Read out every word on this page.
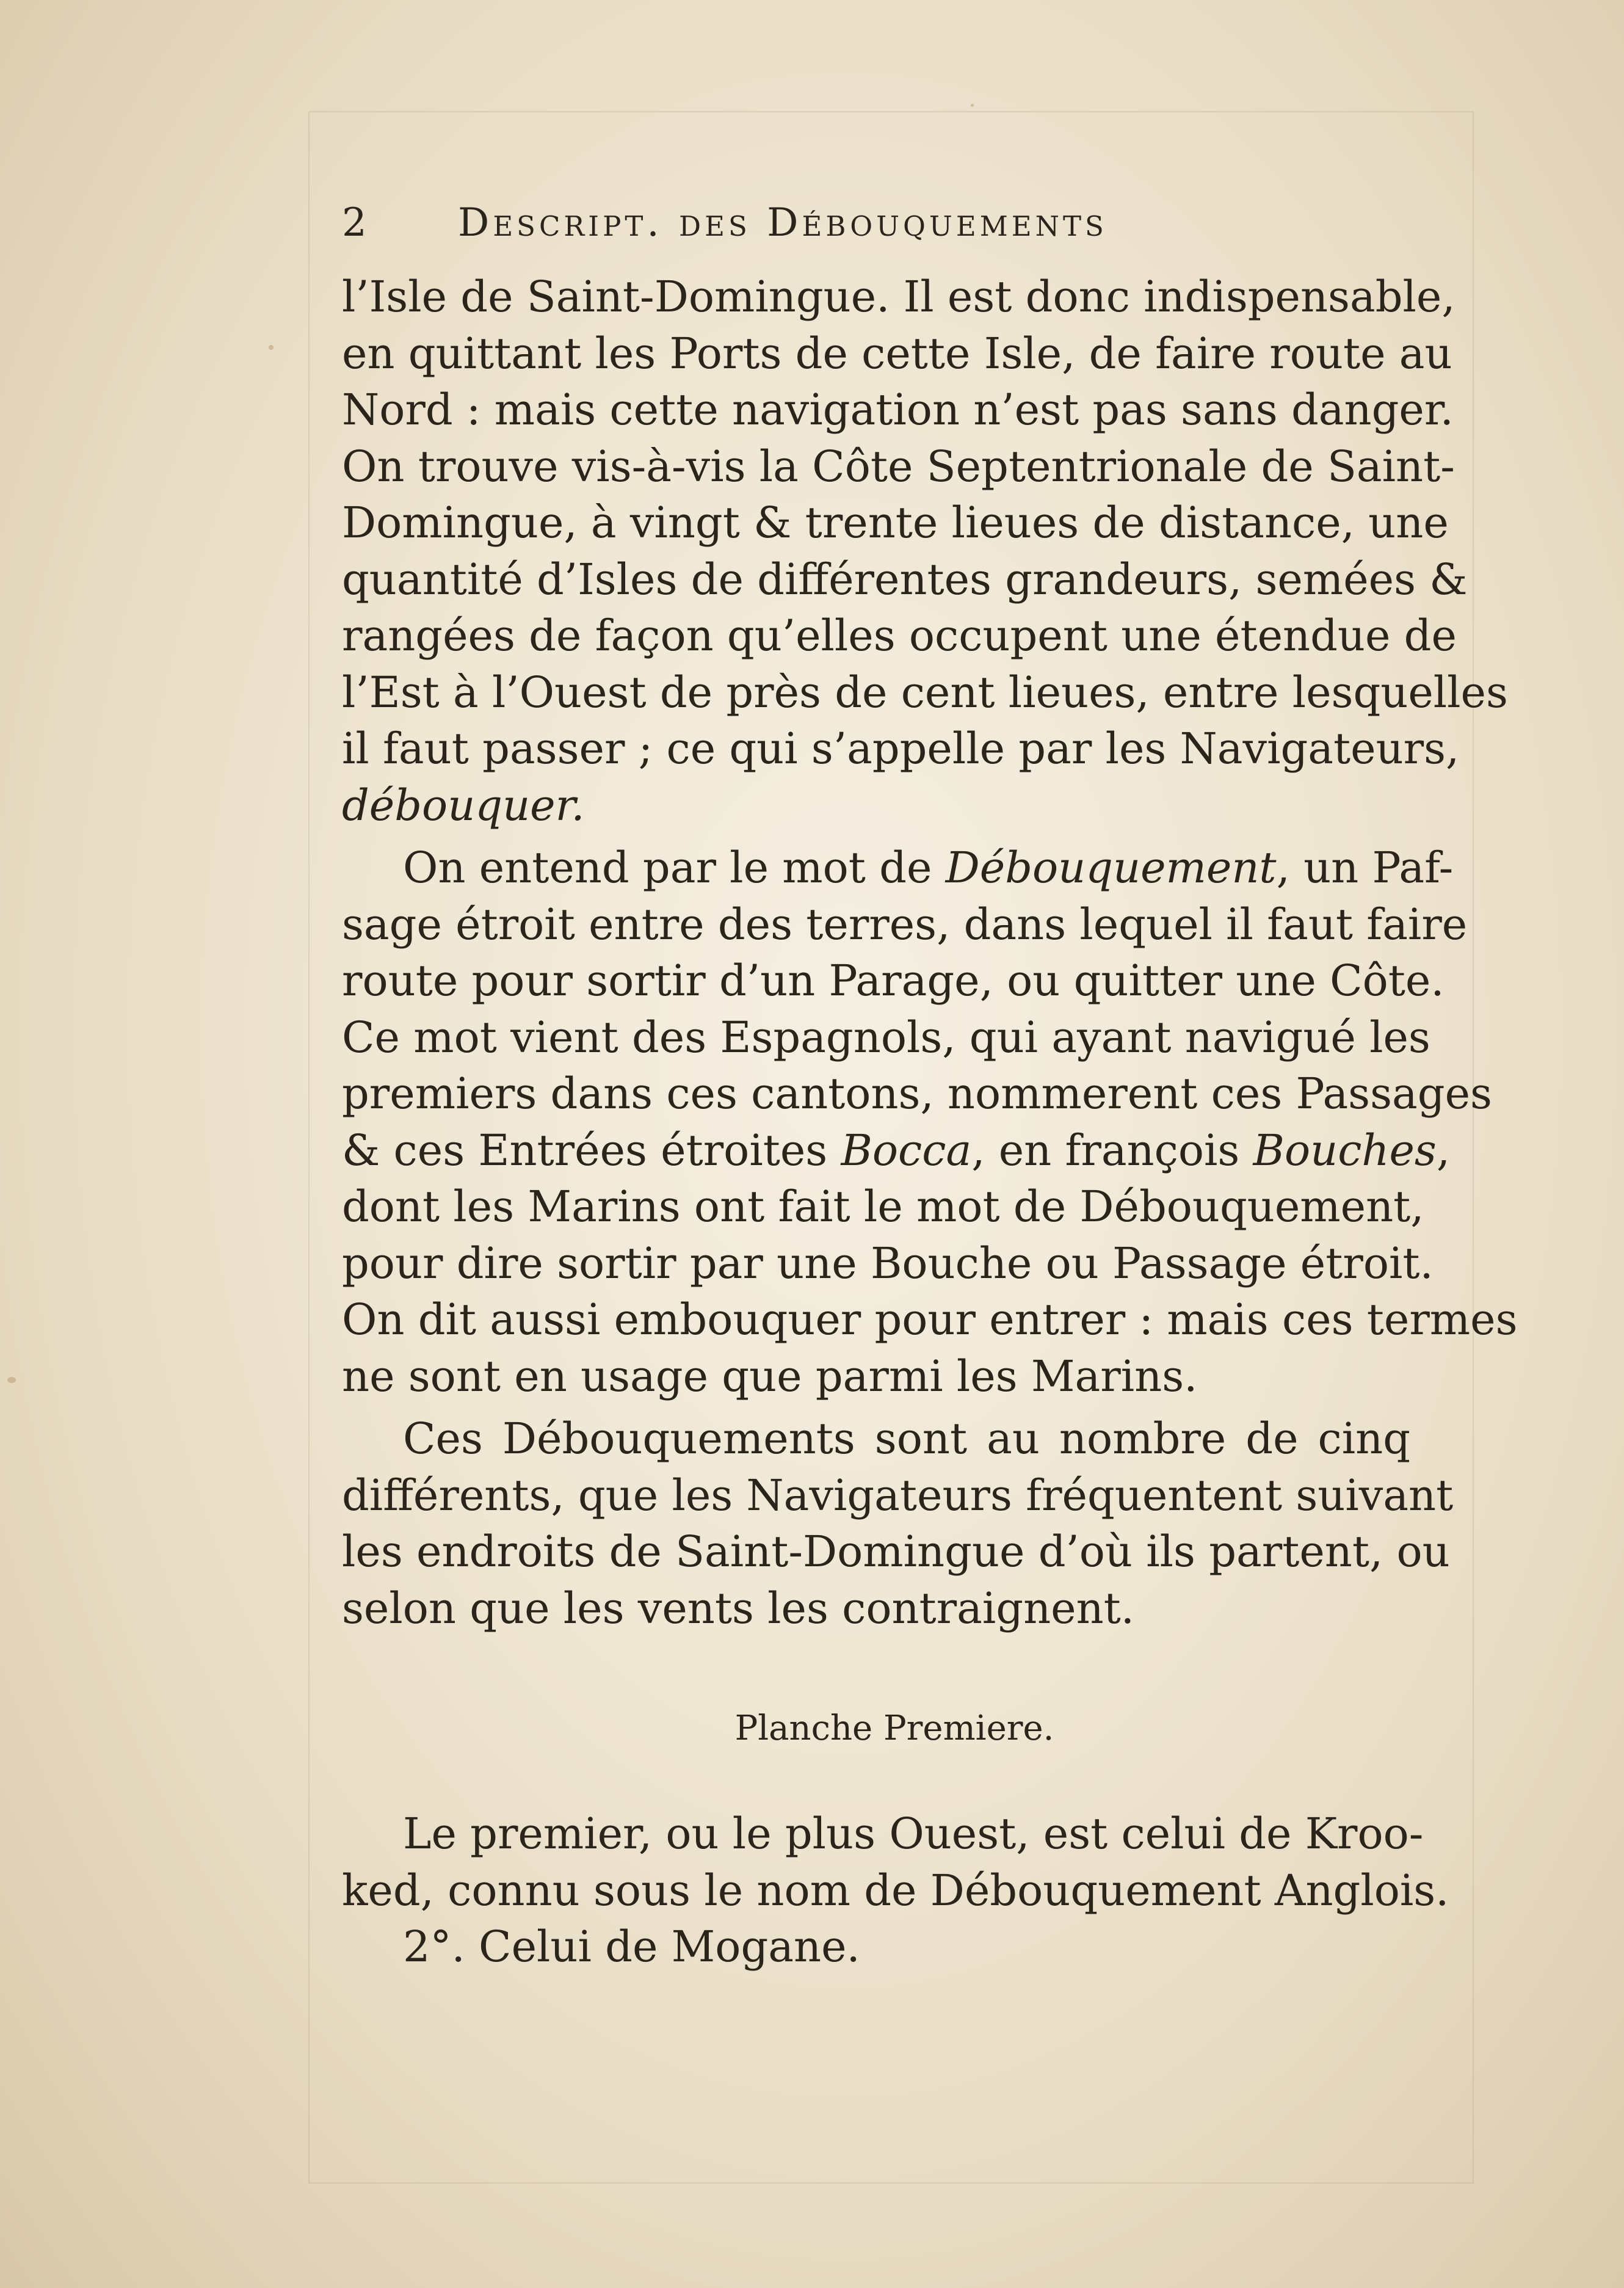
2 Descript. des Débouquements
l’Isle de Saint-Domingue. Il est donc indispensable,
en quittant les Ports de cette Isle, de faire route au
Nord : mais cette navigation n’est pas sans danger.
On trouve vis-à-vis la Côte Septentrionale de Saint-
Domingue, à vingt & trente lieues de distance, une
quantité d’Isles de différentes grandeurs, semées &
rangées de façon qu’elles occupent une étendue de
l’Est à l’Ouest de près de cent lieues, entre lesquelles
il faut passer ; ce qui s’appelle par les Navigateurs,
débouquer.
On entend par le mot de Débouquement, un Paf-
sage étroit entre des terres, dans lequel il faut faire
route pour sortir d’un Parage, ou quitter une Côte.
Ce mot vient des Espagnols, qui ayant navigué les
premiers dans ces cantons, nommerent ces Passages
& ces Entrées étroites Bocca, en françois Bouches,
dont les Marins ont fait le mot de Débouquement,
pour dire sortir par une Bouche ou Passage étroit.
On dit aussi embouquer pour entrer : mais ces termes
ne sont en usage que parmi les Marins.
Ces Débouquements sont au nombre de cinq
différents, que les Navigateurs fréquentent suivant
les endroits de Saint-Domingue d’où ils partent, ou
selon que les vents les contraignent.
Planche Premiere.
Le premier, ou le plus Ouest, est celui de Kroo-
ked, connu sous le nom de Débouquement Anglois.
2°. Celui de Mogane.
